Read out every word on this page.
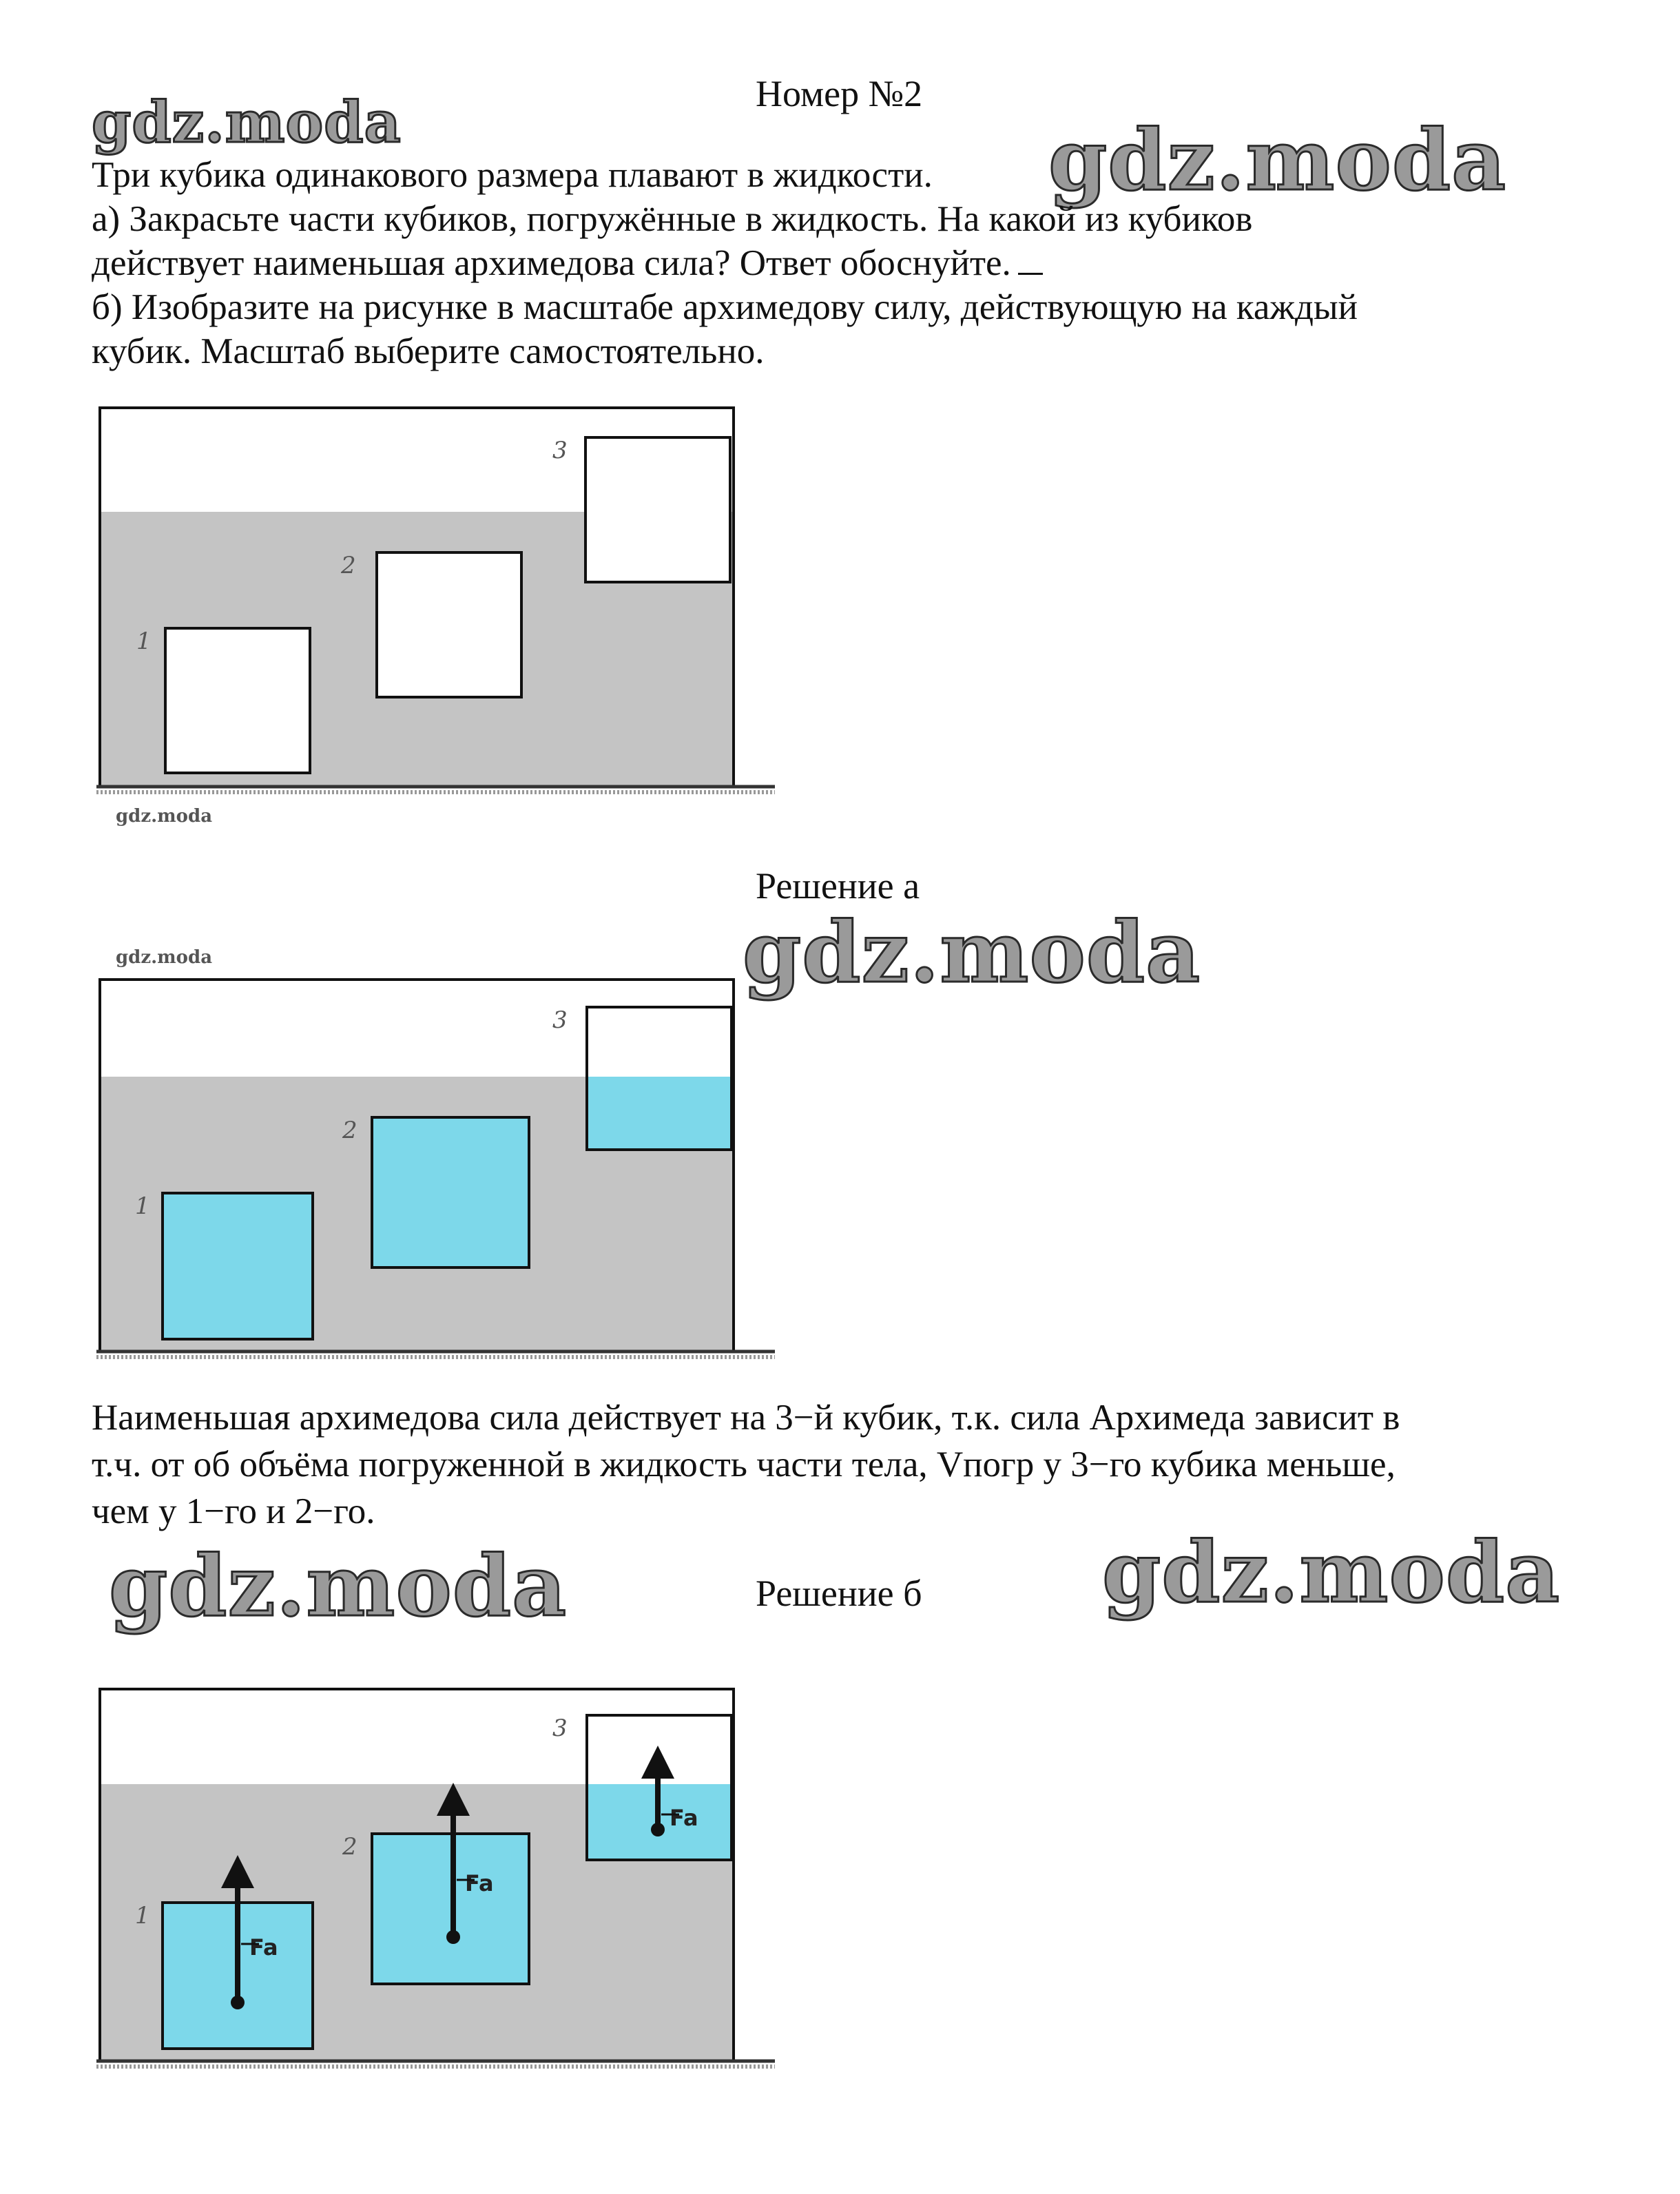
gdz.moda	gdz.moda
gdz.moda
gdz.moda	gdz.moda
gdz.moda
gdz.moda
Номер №2

Три кубика одинакового размера плавают в жидкости.

а) Закрасьте части кубиков, погружённые в жидкость. На какой из кубиков

действует наименьшая архимедова сила? Ответ обоснуйте.

б) Изобразите на рисунке в масштабе архимедову силу, действующую на каждый

кубик. Масштаб выберите самостоятельно.

1
2
3
Решение а
1
2
3

Наименьшая архимедова сила действует на 3−й кубик, т.к. сила Архимеда зависит в

т.ч. от об объёма погруженной в жидкость части тела, Vпогр у 3−го кубика меньше,

чем у 1−го и 2−го.

Решение б
1
2
3
Fa
Fa
Fa
